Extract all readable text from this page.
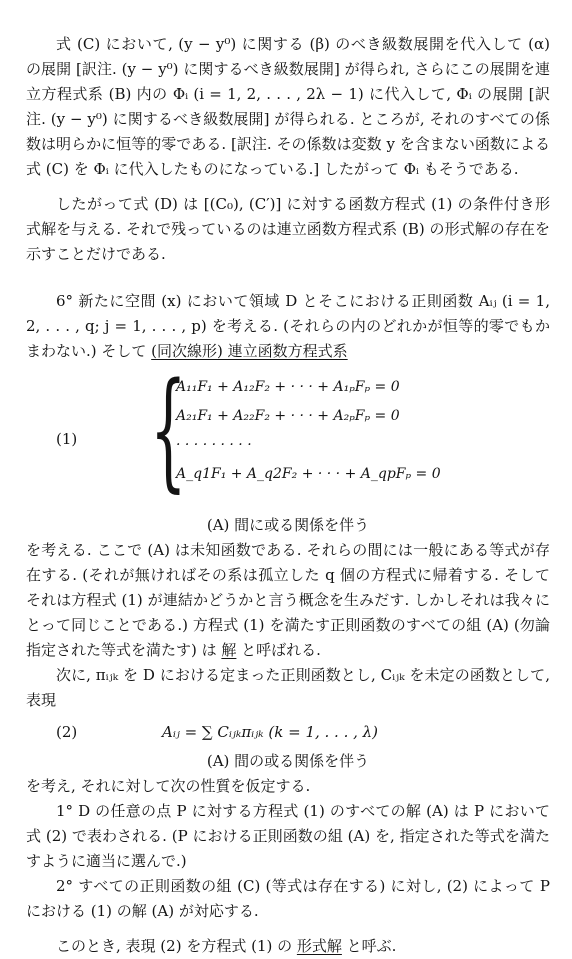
式 (C) において, (y − y⁰) に関する (β) のべき級数展開を代入して (α) の展開 [訳注. (y − y⁰) に関するべき級数展開] が得られ, さらにこの展開を連立方程式系 (B) 内の Φᵢ (i = 1, 2, . . . , 2λ − 1) に代入して, Φᵢ の展開 [訳注. (y − y⁰) に関するべき級数展開] が得られる. ところが, それのすべての係数は明らかに恒等的零である. [訳注. その係数は変数 y を含まない函数による式 (C) を Φᵢ に代入したものになっている.] したがって Φᵢ もそうである.

したがって式 (D) は [(C₀), (C′)] に対する函数方程式 (1) の条件付き形式解を与える. それで残っているのは連立函数方程式系 (B) の形式解の存在を示すことだけである.

6° 新たに空間 (x) において領域 D とそこにおける正則函数 Aᵢⱼ (i = 1, 2, . . . , q; j = 1, . . . , p) を考える. (それらの内のどれかが恒等的零でもかまわない.) そして (同次線形) 連立函数方程式系

(1) {
A₁₁F₁ + A₁₂F₂ + · · · + A₁ₚFₚ = 0
A₂₁F₁ + A₂₂F₂ + · · · + A₂ₚFₚ = 0
· · · · · · · · ·
A_q1F₁ + A_q2F₂ + · · · + A_qpFₚ = 0
(A) 間に或る関係を伴う

を考える. ここで (A) は未知函数である. それらの間には一般にある等式が存在する. (それが無ければその系は孤立した q 個の方程式に帰着する. そしてそれは方程式 (1) が連結かどうかと言う概念を生みだす. しかしそれは我々にとって同じことである.) 方程式 (1) を満たす正則函数のすべての組 (A) (勿論指定された等式を満たす) は 解 と呼ばれる.

次に, πᵢⱼₖ を D における定まった正則函数とし, Cᵢⱼₖ を未定の函数として, 表現

(2)	Aᵢⱼ = ∑ Cᵢⱼₖπᵢⱼₖ (k = 1, . . . , λ)
(A) 間の或る関係を伴う

を考え, それに対して次の性質を仮定する.

1° D の任意の点 P に対する方程式 (1) のすべての解 (A) は P において式 (2) で表わされる. (P における正則函数の組 (A) を, 指定された等式を満たすように適当に選んで.)

2° すべての正則函数の組 (C) (等式は存在する) に対し, (2) によって P における (1) の解 (A) が対応する.

このとき, 表現 (2) を方程式 (1) の 形式解 と呼ぶ.
